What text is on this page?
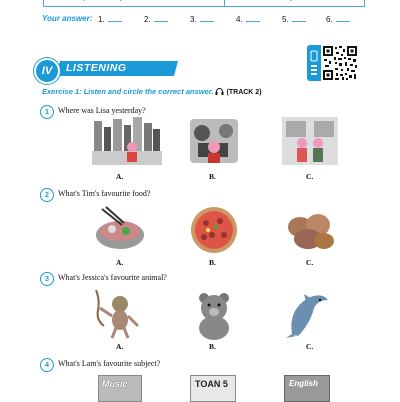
Your answer: 1.	2.	3.	4.	5.	6.
IV	LISTENING
Exercise 1: Listen and circle the correct answer. (TRACK 2)
1	Where was Lisa yesterday?
A.	B.	C.
2	What's Tim's favourite food?
A.	B.	C.
3	What's Jessica's favourite animal?
A.	B.	C.
4	What's Lam's favourite subject?
Music	TOAN 5	English
